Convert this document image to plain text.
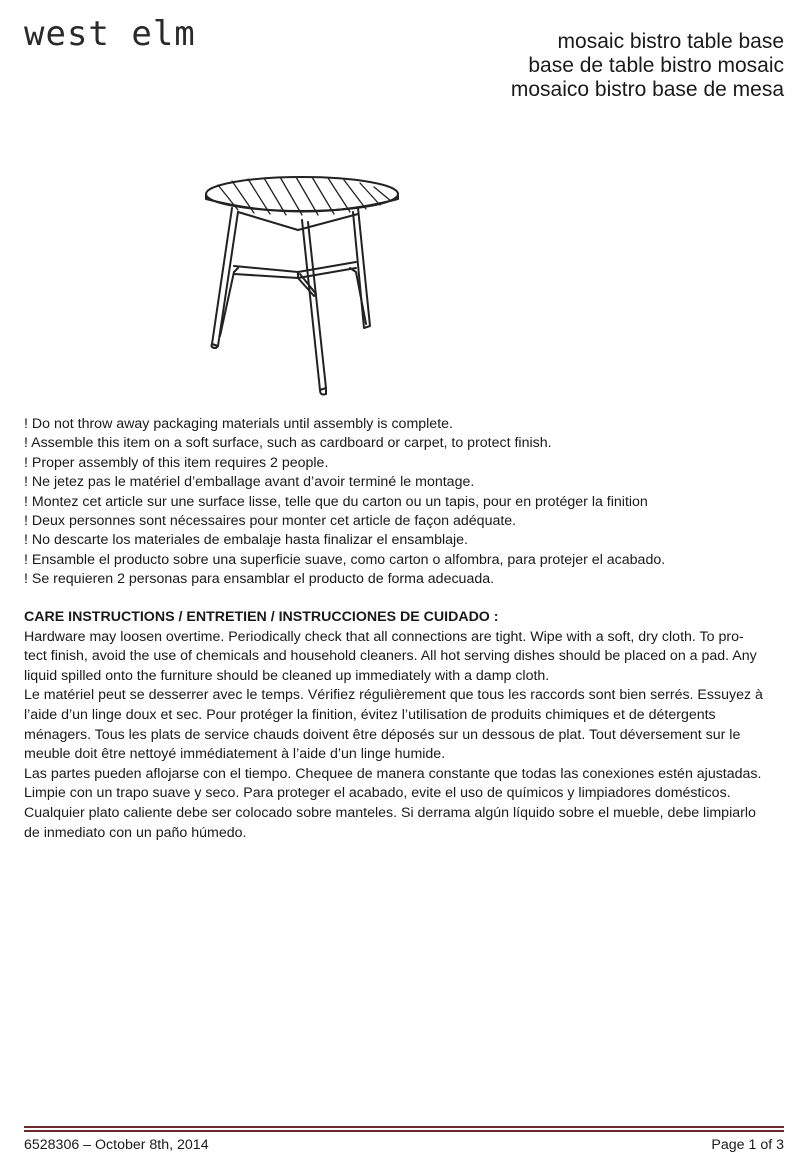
west elm	mosaic bistro table base
base de table bistro mosaic
mosaico bistro base de mesa
! Do not throw away packaging materials until assembly is complete.
! Assemble this item on a soft surface, such as cardboard or carpet, to protect finish.
! Proper assembly of this item requires 2 people.
! Ne jetez pas le matériel d’emballage avant d’avoir terminé le montage.
! Montez cet article sur une surface lisse, telle que du carton ou un tapis, pour en protéger la finition
! Deux personnes sont nécessaires pour monter cet article de façon adéquate.
! No descarte los materiales de embalaje hasta finalizar el ensamblaje.
! Ensamble el producto sobre una superficie suave, como carton o alfombra, para protejer el acabado.
! Se requieren 2 personas para ensamblar el producto de forma adecuada.
CARE INSTRUCTIONS / ENTRETIEN / INSTRUCCIONES DE CUIDADO :
Hardware may loosen overtime. Periodically check that all connections are tight. Wipe with a soft, dry cloth. To pro-
tect finish, avoid the use of chemicals and household cleaners. All hot serving dishes should be placed on a pad. Any
liquid spilled onto the furniture should be cleaned up immediately with a damp cloth.
Le matériel peut se desserrer avec le temps. Vérifiez régulièrement que tous les raccords sont bien serrés. Essuyez à
l’aide d’un linge doux et sec. Pour protéger la finition, évitez l’utilisation de produits chimiques et de détergents
ménagers. Tous les plats de service chauds doivent être déposés sur un dessous de plat. Tout déversement sur le
meuble doit être nettoyé immédiatement à l’aide d’un linge humide.
Las partes pueden aflojarse con el tiempo. Chequee de manera constante que todas las conexiones estén ajustadas.
Limpie con un trapo suave y seco. Para proteger el acabado, evite el uso de químicos y limpiadores domésticos.
Cualquier plato caliente debe ser colocado sobre manteles. Si derrama algún líquido sobre el mueble, debe limpiarlo
de inmediato con un paño húmedo.
6528306 – October 8th, 2014	Page 1 of 3
